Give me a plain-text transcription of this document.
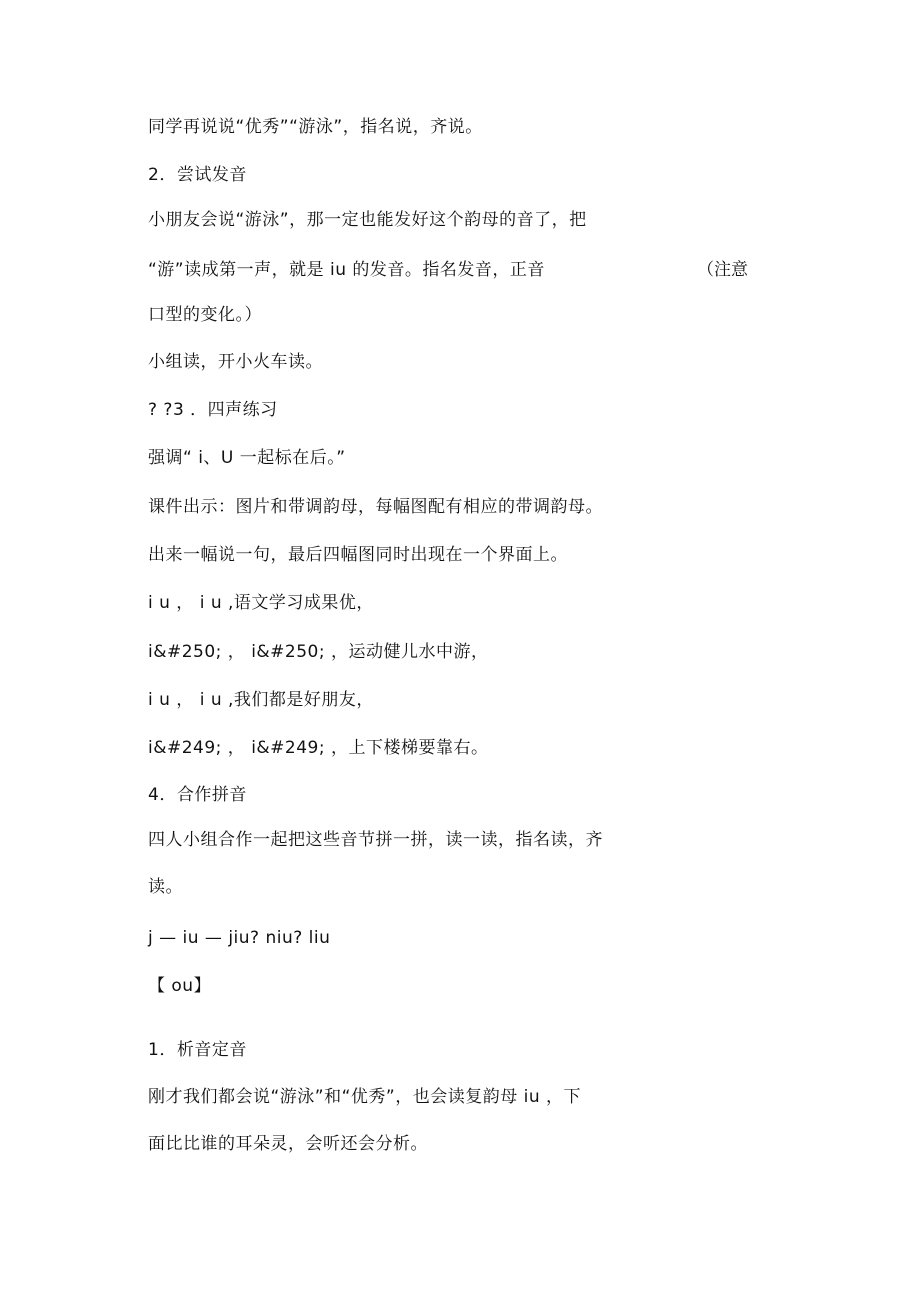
同学再说说“优秀”“游泳”，指名说，齐说。
2．尝试发音
小朋友会说“游泳”，那一定也能发好这个韵母的音了，把
“游”读成第一声，就是 iu 的发音。指名发音，正音	（注意
口型的变化。）
小组读，开小火车读。
? ?3 ．四声练习
强调“ i、U 一起标在后。”
课件出示：图片和带调韵母，每幅图配有相应的带调韵母。
出来一幅说一句，最后四幅图同时出现在一个界面上。
i u ， i u ,语文学习成果优，
i&#250; ， i&#250; ，运动健儿水中游，
i u ， i u ,我们都是好朋友，
i&#249; ， i&#249; ，上下楼梯要靠右。
4．合作拼音
四人小组合作一起把这些音节拼一拼，读一读，指名读，齐
读。
j — iu — jiu? niu? liu
【 ou】
1．析音定音
刚才我们都会说“游泳”和“优秀”，也会读复韵母 iu ，下
面比比谁的耳朵灵，会听还会分析。
